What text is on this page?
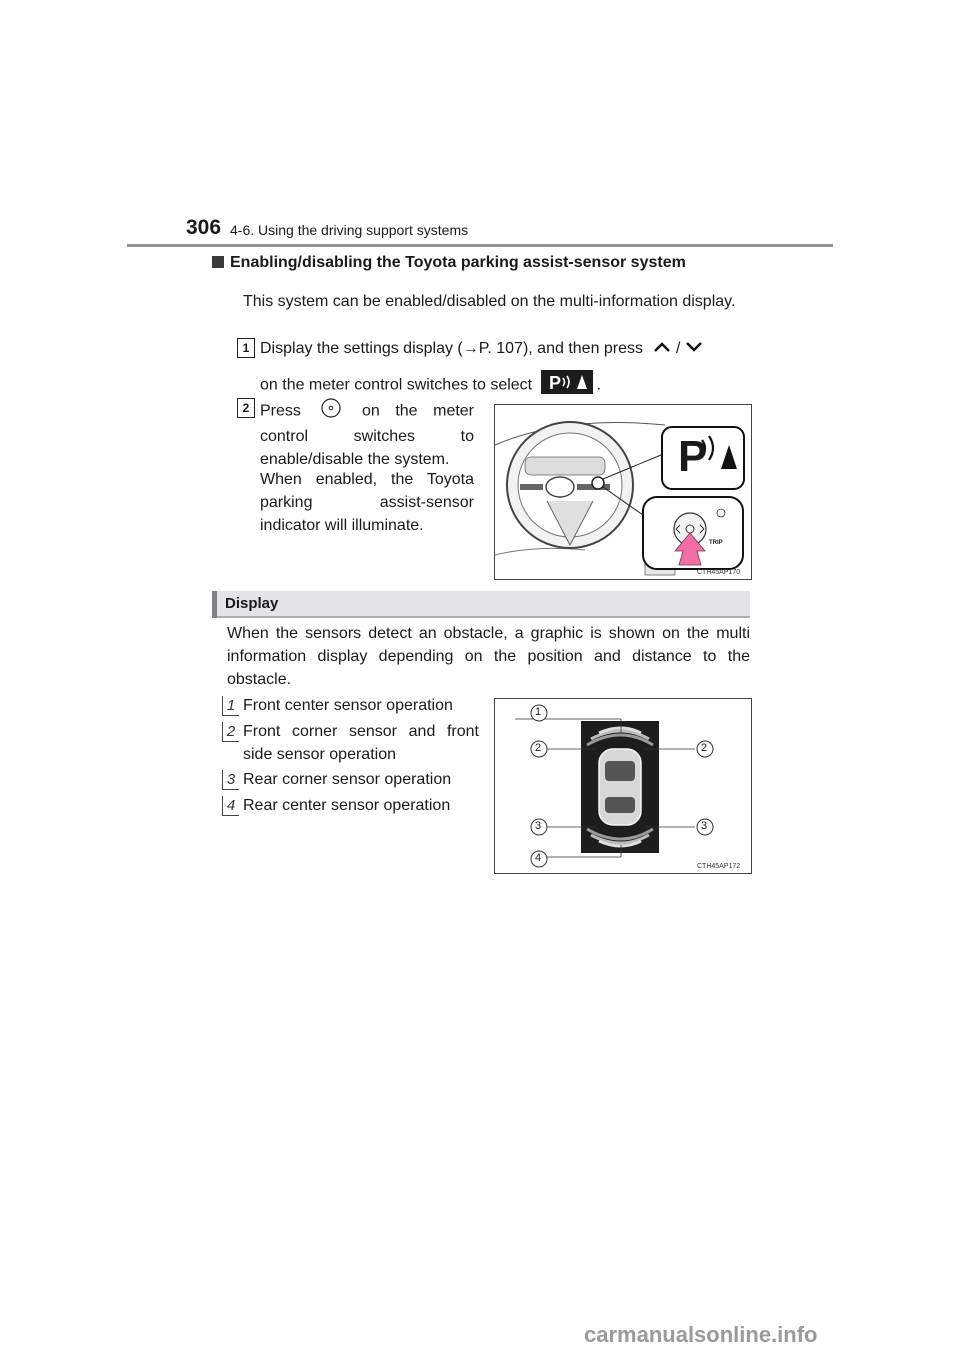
306 4-6. Using the driving support systems
Enabling/disabling the Toyota parking assist-sensor system
This system can be enabled/disabled on the multi-information display.
1 Display the settings display (→P. 107), and then press /
on the meter control switches to select P .
2 Press	on the meter control switches to enable/disable the system.
When enabled, the Toyota parking assist-sensor indicator will illuminate.
P
TRIP
CTH45AP170
Display
When the sensors detect an obstacle, a graphic is shown on the multi information display depending on the position and distance to the obstacle.
1 Front center sensor operation
2 Front corner sensor and front side sensor operation
3 Rear corner sensor operation
4 Rear center sensor operation
1
2	2
3	3
4
CTH45AP172
carmanualsonline.info
